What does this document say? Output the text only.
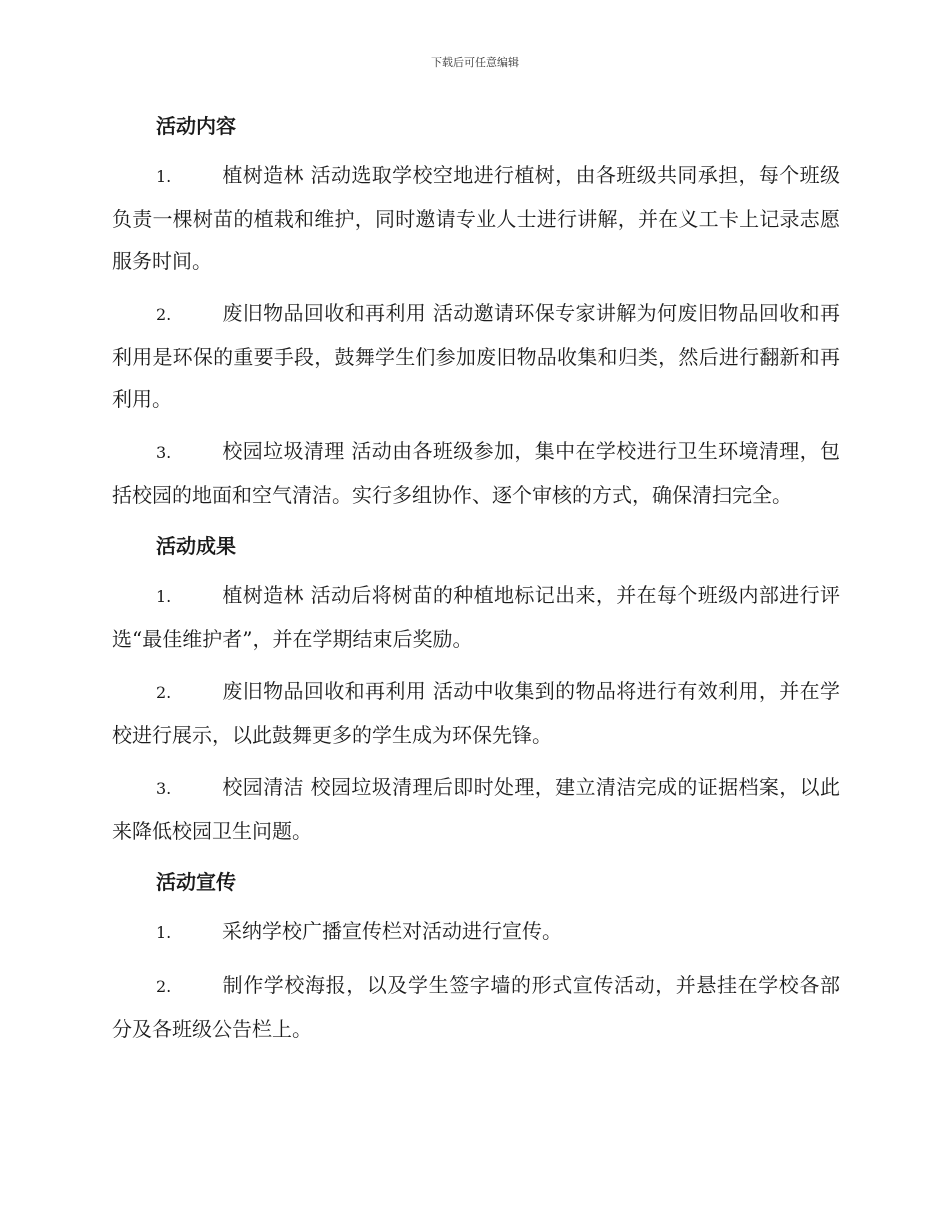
下载后可任意编辑
活动内容

1.	植树造林 活动选取学校空地进行植树，由各班级共同承担，每个班级负责一棵树苗的植栽和维护，同时邀请专业人士进行讲解，并在义工卡上记录志愿服务时间。

2.	废旧物品回收和再利用 活动邀请环保专家讲解为何废旧物品回收和再利用是环保的重要手段，鼓舞学生们参加废旧物品收集和归类，然后进行翻新和再利用。

3.	校园垃圾清理 活动由各班级参加，集中在学校进行卫生环境清理，包括校园的地面和空气清洁。实行多组协作、逐个审核的方式，确保清扫完全。

活动成果

1.	植树造林 活动后将树苗的种植地标记出来，并在每个班级内部进行评选“最佳维护者”，并在学期结束后奖励。

2.	废旧物品回收和再利用 活动中收集到的物品将进行有效利用，并在学校进行展示，以此鼓舞更多的学生成为环保先锋。

3.	校园清洁 校园垃圾清理后即时处理，建立清洁完成的证据档案，以此来降低校园卫生问题。

活动宣传

1.	采纳学校广播宣传栏对活动进行宣传。

2.	制作学校海报，以及学生签字墙的形式宣传活动，并悬挂在学校各部分及各班级公告栏上。
